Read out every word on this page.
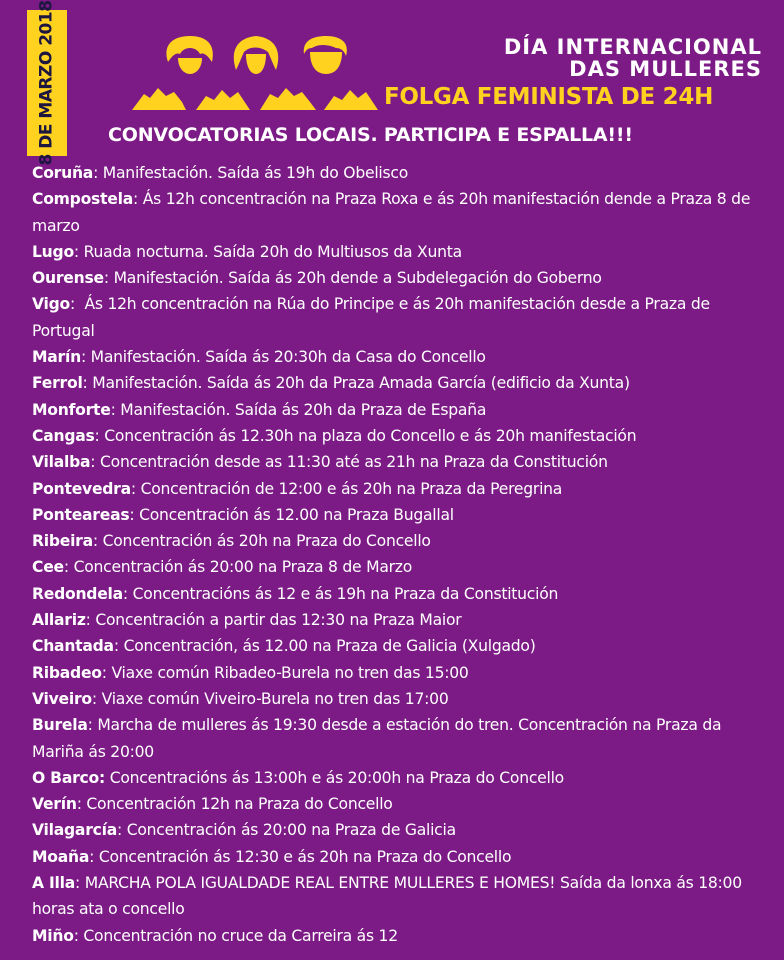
8 DE MARZO 2018	DÍA INTERNACIONAL
DAS MULLERES
FOLGA FEMINISTA DE 24H
CONVOCATORIAS LOCAIS. PARTICIPA E ESPALLA!!!

Coruña: Manifestación. Saída ás 19h do Obelisco

Compostela: Ás 12h concentración na Praza Roxa e ás 20h manifestación dende a Praza 8 de marzo

Lugo: Ruada nocturna. Saída 20h do Multiusos da Xunta

Ourense: Manifestación. Saída ás 20h dende a Subdelegación do Goberno

Vigo:  Ás 12h concentración na Rúa do Principe e ás 20h manifestación desde a Praza de Portugal

Marín: Manifestación. Saída ás 20:30h da Casa do Concello

Ferrol: Manifestación. Saída ás 20h da Praza Amada García (edificio da Xunta)

Monforte: Manifestación. Saída ás 20h da Praza de España

Cangas: Concentración ás 12.30h na plaza do Concello e ás 20h manifestación

Vilalba: Concentración desde as 11:30 até as 21h na Praza da Constitución

Pontevedra: Concentración de 12:00 e ás 20h na Praza da Peregrina

Ponteareas: Concentración ás 12.00 na Praza Bugallal

Ribeira: Concentración ás 20h na Praza do Concello

Cee: Concentración ás 20:00 na Praza 8 de Marzo

Redondela: Concentracións ás 12 e ás 19h na Praza da Constitución

Allariz: Concentración a partir das 12:30 na Praza Maior

Chantada: Concentración, ás 12.00 na Praza de Galicia (Xulgado)

Ribadeo: Viaxe común Ribadeo-Burela no tren das 15:00

Viveiro: Viaxe común Viveiro-Burela no tren das 17:00

Burela: Marcha de mulleres ás 19:30 desde a estación do tren. Concentración na Praza da Mariña ás 20:00

O Barco: Concentracións ás 13:00h e ás 20:00h na Praza do Concello

Verín: Concentración 12h na Praza do Concello

Vilagarcía: Concentración ás 20:00 na Praza de Galicia

Moaña: Concentración ás 12:30 e ás 20h na Praza do Concello

A Illa: MARCHA POLA IGUALDADE REAL ENTRE MULLERES E HOMES! Saída da lonxa ás 18:00 horas ata o concello

Miño: Concentración no cruce da Carreira ás 12
